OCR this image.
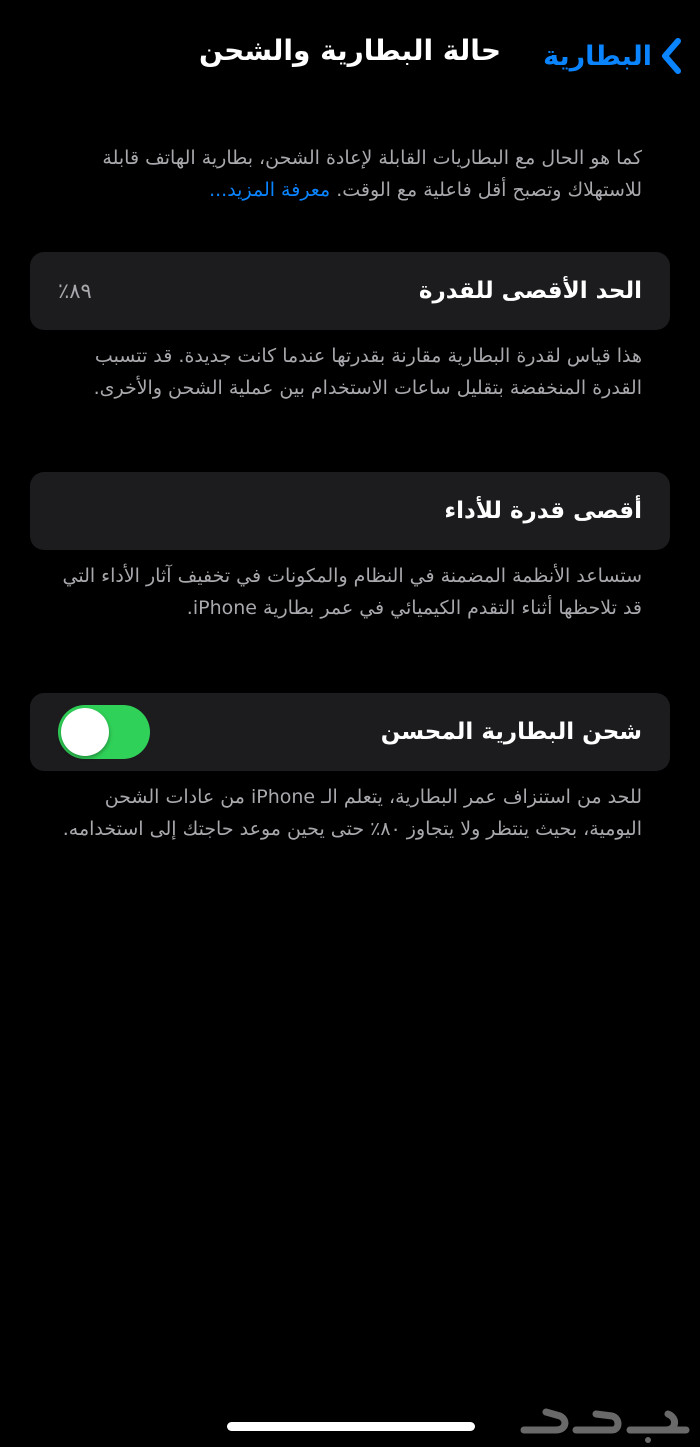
البطارية
حالة البطارية والشحن
كما هو الحال مع البطاريات القابلة لإعادة الشحن، بطارية الهاتف قابلة للاستهلاك وتصبح أقل فاعلية مع الوقت. معرفة المزيد...
الحد الأقصى للقدرة
٨٩٪
هذا قياس لقدرة البطارية مقارنة بقدرتها عندما كانت جديدة. قد تتسبب القدرة المنخفضة بتقليل ساعات الاستخدام بين عملية الشحن والأخرى.
أقصى قدرة للأداء
ستساعد الأنظمة المضمنة في النظام والمكونات في تخفيف آثار الأداء التي قد تلاحظها أثناء التقدم الكيميائي في عمر بطارية iPhone.
شحن البطارية المحسن
للحد من استنزاف عمر البطارية، يتعلم الـ iPhone من عادات الشحن اليومية، بحيث ينتظر ولا يتجاوز ٨٠٪ حتى يحين موعد حاجتك إلى استخدامه.
